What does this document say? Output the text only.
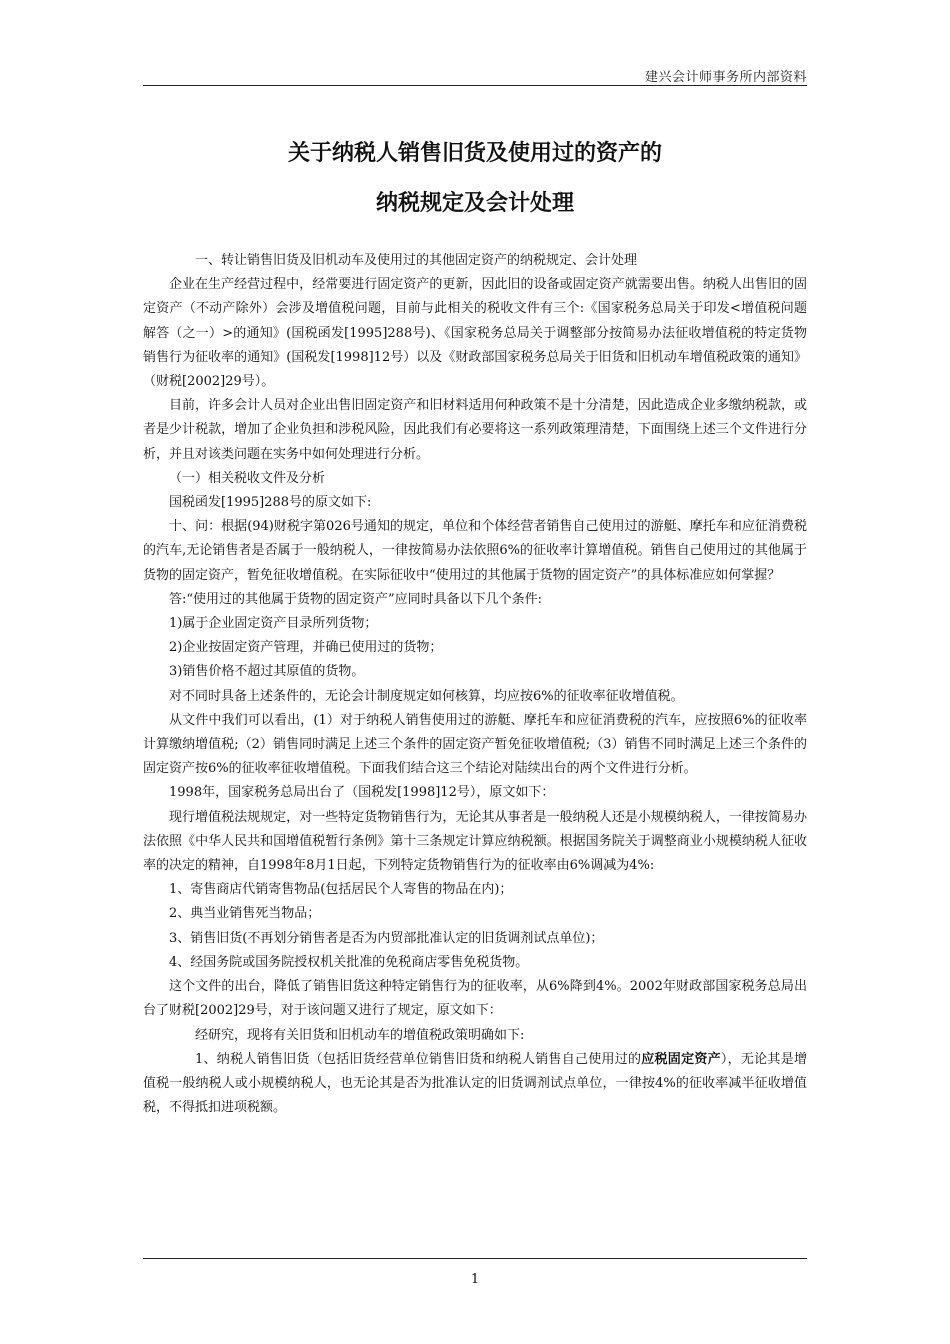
建兴会计师事务所内部资料
关于纳税人销售旧货及使用过的资产的
纳税规定及会计处理

一、转让销售旧货及旧机动车及使用过的其他固定资产的纳税规定、会计处理

企业在生产经营过程中，经常要进行固定资产的更新，因此旧的设备或固定资产就需要出售。纳税人出售旧的固定资产（不动产除外）会涉及增值税问题，目前与此相关的税收文件有三个:《国家税务总局关于印发<增值税问题解答（之一）>的通知》(国税函发[1995]288号)、《国家税务总局关于调整部分按简易办法征收增值税的特定货物销售行为征收率的通知》(国税发[1998]12号）以及《财政部国家税务总局关于旧货和旧机动车增值税政策的通知》（财税[2002]29号）。

目前，许多会计人员对企业出售旧固定资产和旧材料适用何种政策不是十分清楚，因此造成企业多缴纳税款，或者是少计税款，增加了企业负担和涉税风险，因此我们有必要将这一系列政策理清楚，下面围绕上述三个文件进行分析，并且对该类问题在实务中如何处理进行分析。

（一）相关税收文件及分析

国税函发[1995]288号的原文如下:

十、问：根据(94)财税字第026号通知的规定，单位和个体经营者销售自己使用过的游艇、摩托车和应征消费税的汽车,无论销售者是否属于一般纳税人，一律按简易办法依照6%的征收率计算增值税。销售自己使用过的其他属于货物的固定资产，暂免征收增值税。在实际征收中“使用过的其他属于货物的固定资产”的具体标准应如何掌握？

答:“使用过的其他属于货物的固定资产”应同时具备以下几个条件:

1)属于企业固定资产目录所列货物；

2)企业按固定资产管理，并确已使用过的货物；

3)销售价格不超过其原值的货物。

对不同时具备上述条件的，无论会计制度规定如何核算，均应按6%的征收率征收增值税。

从文件中我们可以看出，(1）对于纳税人销售使用过的游艇、摩托车和应征消费税的汽车，应按照6%的征收率计算缴纳增值税;（2）销售同时满足上述三个条件的固定资产暂免征收增值税;（3）销售不同时满足上述三个条件的固定资产按6%的征收率征收增值税。下面我们结合这三个结论对陆续出台的两个文件进行分析。

1998年，国家税务总局出台了（国税发[1998]12号），原文如下：

现行增值税法规规定，对一些特定货物销售行为，无论其从事者是一般纳税人还是小规模纳税人，一律按简易办法依照《中华人民共和国增值税暂行条例》第十三条规定计算应纳税额。根据国务院关于调整商业小规模纳税人征收率的决定的精神，自1998年8月1日起，下列特定货物销售行为的征收率由6%调减为4%:

1、寄售商店代销寄售物品(包括居民个人寄售的物品在内)；

2、典当业销售死当物品；

3、销售旧货(不再划分销售者是否为内贸部批准认定的旧货调剂试点单位)；

4、经国务院或国务院授权机关批准的免税商店零售免税货物。

这个文件的出台，降低了销售旧货这种特定销售行为的征收率，从6%降到4%。2002年财政部国家税务总局出台了财税[2002]29号，对于该问题又进行了规定，原文如下：

经研究，现将有关旧货和旧机动车的增值税政策明确如下:

1、纳税人销售旧货（包括旧货经营单位销售旧货和纳税人销售自己使用过的应税固定资产），无论其是增值税一般纳税人或小规模纳税人，也无论其是否为批准认定的旧货调剂试点单位，一律按4%的征收率减半征收增值税，不得抵扣进项税额。

1
